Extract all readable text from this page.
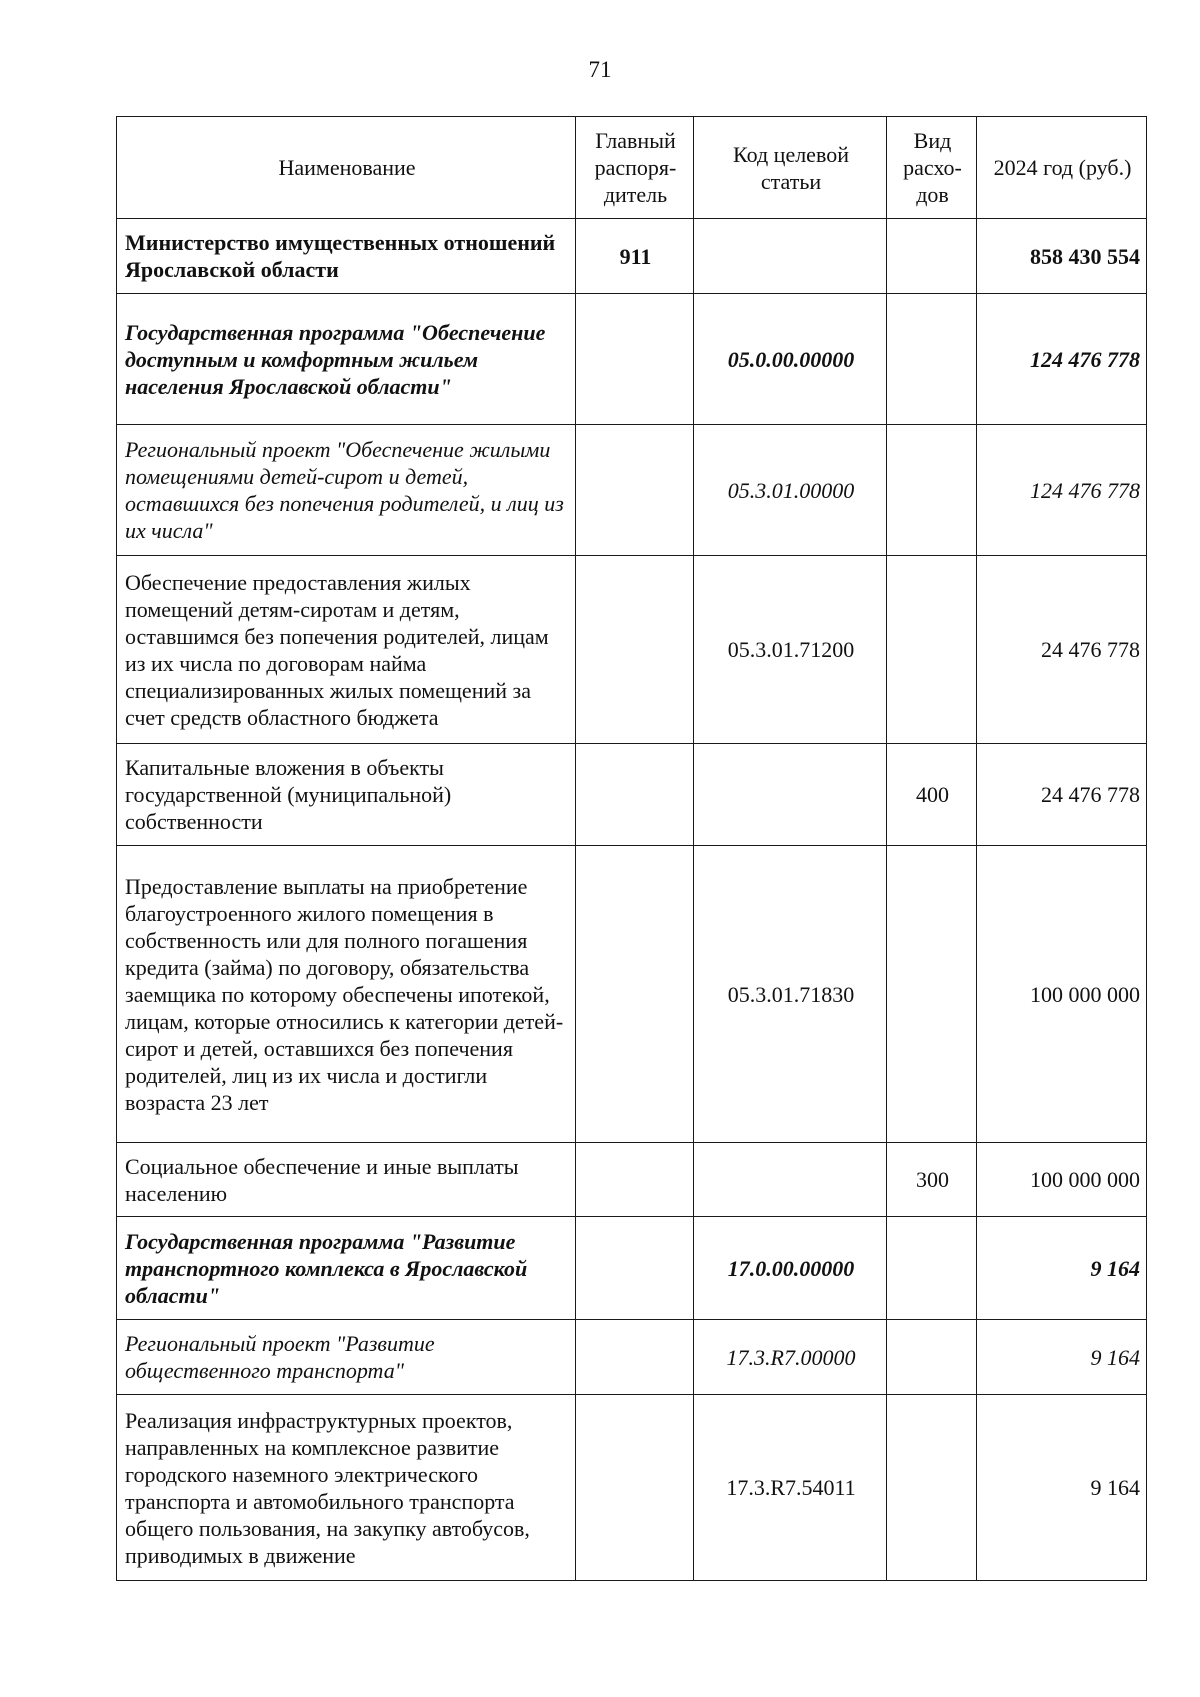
71
Наименование	Главный распоря-дитель	Код целевой статьи	Вид расхо-дов	2024 год (руб.)
Министерство имущественных отношений Ярославской области	911			858 430 554
Государственная программа "Обеспечение доступным и комфортным жильем населения Ярославской области"		05.0.00.00000		124 476 778
Региональный проект "Обеспечение жилыми помещениями детей-сирот и детей, оставшихся без попечения родителей, и лиц из их числа"		05.3.01.00000		124 476 778
Обеспечение предоставления жилых помещений детям-сиротам и детям, оставшимся без попечения родителей, лицам из их числа по договорам найма специализированных жилых помещений за счет средств областного бюджета		05.3.01.71200		24 476 778
Капитальные вложения в объекты государственной (муниципальной) собственности			400	24 476 778
Предоставление выплаты на приобретение благоустроенного жилого помещения в собственность или для полного погашения кредита (займа) по договору, обязательства заемщика по которому обеспечены ипотекой, лицам, которые относились к категории детей-сирот и детей, оставшихся без попечения родителей, лиц из их числа и достигли возраста 23 лет		05.3.01.71830		100 000 000
Социальное обеспечение и иные выплаты населению			300	100 000 000
Государственная программа "Развитие транспортного комплекса в Ярославской области"		17.0.00.00000		9 164
Региональный проект "Развитие общественного транспорта"		17.3.R7.00000		9 164
Реализация инфраструктурных проектов, направленных на комплексное развитие городского наземного электрического транспорта и автомобильного транспорта общего пользования, на закупку автобусов, приводимых в движение		17.3.R7.54011		9 164
